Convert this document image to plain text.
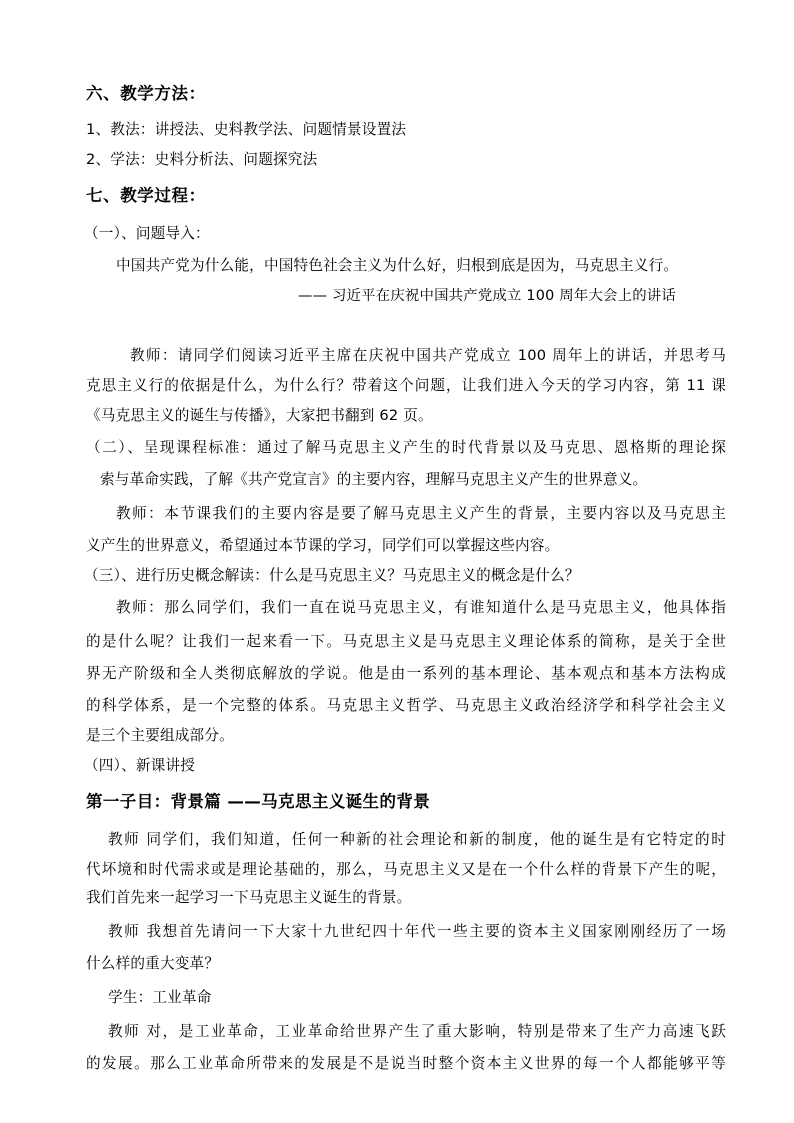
六、教学方法：
1、教法：讲授法、史料教学法、问题情景设置法
2、学法：史料分析法、问题探究法
七、教学过程：
（一）、问题导入：
中国共产党为什么能，中国特色社会主义为什么好，归根到底是因为，马克思主义行。
—— 习近平在庆祝中国共产党成立 100 周年大会上的讲话
教师：请同学们阅读习近平主席在庆祝中国共产党成立 100 周年上的讲话，并思考马
克思主义行的依据是什么，为什么行？带着这个问题，让我们进入今天的学习内容，第 11 课
《马克思主义的诞生与传播》，大家把书翻到 62 页。
（二）、呈现课程标准：通过了解马克思主义产生的时代背景以及马克思、恩格斯的理论探
索与革命实践，了解《共产党宣言》的主要内容，理解马克思主义产生的世界意义。
教师：本节课我们的主要内容是要了解马克思主义产生的背景，主要内容以及马克思主
义产生的世界意义，希望通过本节课的学习，同学们可以掌握这些内容。
（三）、进行历史概念解读：什么是马克思主义？马克思主义的概念是什么？
教师：那么同学们，我们一直在说马克思主义，有谁知道什么是马克思主义，他具体指
的是什么呢？让我们一起来看一下。马克思主义是马克思主义理论体系的简称，是关于全世
界无产阶级和全人类彻底解放的学说。他是由一系列的基本理论、基本观点和基本方法构成
的科学体系，是一个完整的体系。马克思主义哲学、马克思主义政治经济学和科学社会主义
是三个主要组成部分。
（四）、新课讲授
第一子目：背景篇 ——马克思主义诞生的背景
教师 同学们，我们知道，任何一种新的社会理论和新的制度，他的诞生是有它特定的时
代坏境和时代需求或是理论基础的，那么，马克思主义又是在一个什么样的背景下产生的呢，
我们首先来一起学习一下马克思主义诞生的背景。
教师 我想首先请问一下大家十九世纪四十年代一些主要的资本主义国家刚刚经历了一场
什么样的重大变革？
学生：工业革命
教师 对，是工业革命，工业革命给世界产生了重大影响，特别是带来了生产力高速飞跃
的发展。那么工业革命所带来的发展是不是说当时整个资本主义世界的每一个人都能够平等
